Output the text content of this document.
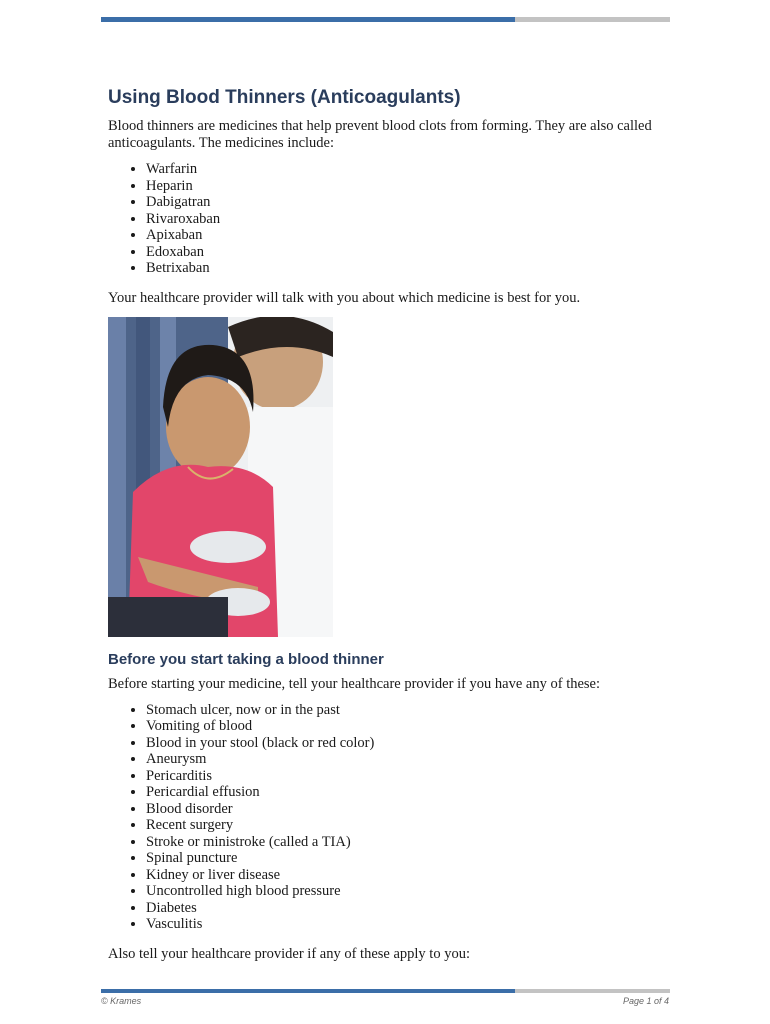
Using Blood Thinners (Anticoagulants)

Blood thinners are medicines that help prevent blood clots from forming. They are also called anticoagulants. The medicines include:

• Warfarin
• Heparin
• Dabigatran
• Rivaroxaban
• Apixaban
• Edoxaban
• Betrixaban

Your healthcare provider will talk with you about which medicine is best for you.

Before you start taking a blood thinner

Before starting your medicine, tell your healthcare provider if you have any of these:

• Stomach ulcer, now or in the past
• Vomiting of blood
• Blood in your stool (black or red color)
• Aneurysm
• Pericarditis
• Pericardial effusion
• Blood disorder
• Recent surgery
• Stroke or ministroke (called a TIA)
• Spinal puncture
• Kidney or liver disease
• Uncontrolled high blood pressure
• Diabetes
• Vasculitis

Also tell your healthcare provider if any of these apply to you:

© Krames	Page 1 of 4
